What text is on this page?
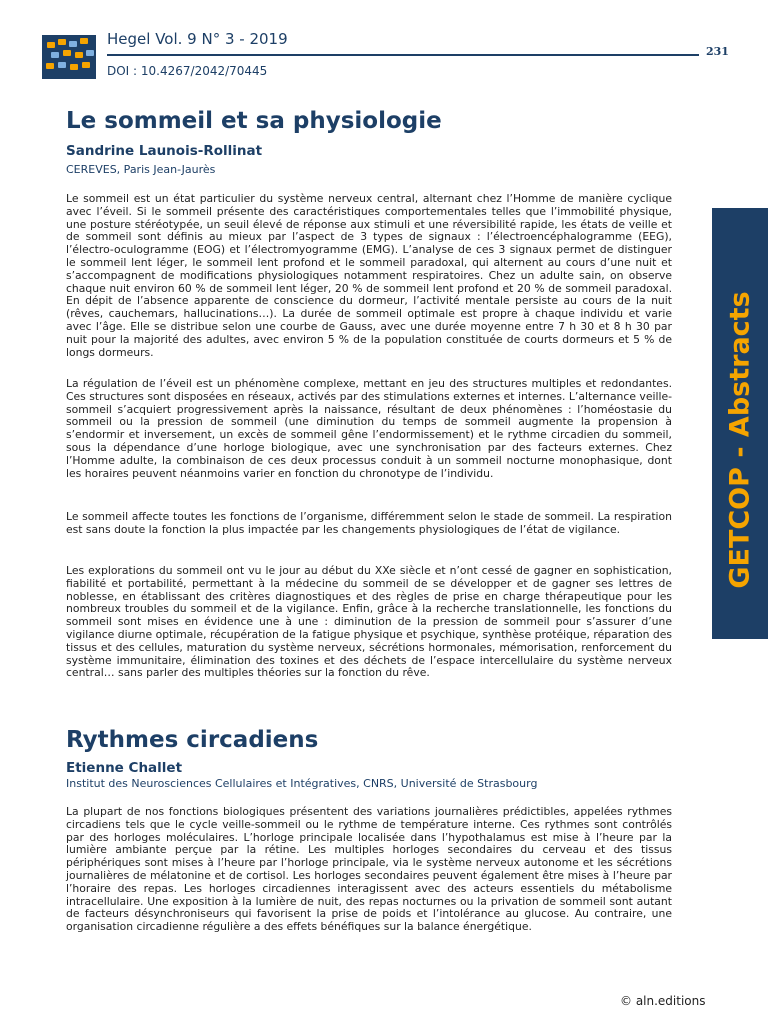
Hegel Vol. 9 N° 3 - 2019
231
DOI : 10.4267/2042/70445
GETCOP - Abstracts
Le sommeil et sa physiologie
Sandrine Launois-Rollinat
CEREVES, Paris Jean-Jaurès

Le sommeil est un état particulier du système nerveux central, alternant chez l’Homme de manière cyclique avec l’éveil. Si le sommeil présente des caractéristiques comportementales telles que l’immobilité physique, une posture stéréotypée, un seuil élevé de réponse aux stimuli et une réversibilité rapide, les états de veille et de sommeil sont définis au mieux par l’aspect de 3 types de signaux : l’électroencéphalogramme (EEG), l’électro-oculogramme (EOG) et l’électromyogramme (EMG). L’analyse de ces 3 signaux permet de distinguer le sommeil lent léger, le sommeil lent profond et le sommeil paradoxal, qui alternent au cours d’une nuit et s’accompagnent de modifications physiologiques notamment respiratoires. Chez un adulte sain, on observe chaque nuit environ 60 % de sommeil lent léger, 20 % de sommeil lent profond et 20 % de sommeil paradoxal. En dépit de l’absence apparente de conscience du dormeur, l’activité mentale persiste au cours de la nuit (rêves, cauchemars, hallucinations…). La durée de sommeil optimale est propre à chaque individu et varie avec l’âge. Elle se distribue selon une courbe de Gauss, avec une durée moyenne entre 7 h 30 et 8 h 30 par nuit pour la majorité des adultes, avec environ 5 % de la population constituée de courts dormeurs et 5 % de longs dormeurs.

La régulation de l’éveil est un phénomène complexe, mettant en jeu des structures multiples et redondantes. Ces structures sont disposées en réseaux, activés par des stimulations externes et internes. L’alternance veille-sommeil s’acquiert progressivement après la naissance, résultant de deux phénomènes : l’homéostasie du sommeil ou la pression de sommeil (une diminution du temps de sommeil augmente la propension à s’endormir et inversement, un excès de sommeil gêne l’endormissement) et le rythme circadien du sommeil, sous la dépendance d’une horloge biologique, avec une synchronisation par des facteurs externes. Chez l’Homme adulte, la combinaison de ces deux processus conduit à un sommeil nocturne monophasique, dont les horaires peuvent néanmoins varier en fonction du chronotype de l’individu.

Le sommeil affecte toutes les fonctions de l’organisme, différemment selon le stade de sommeil. La respiration est sans doute la fonction la plus impactée par les changements physiologiques de l’état de vigilance.

Les explorations du sommeil ont vu le jour au début du XXe siècle et n’ont cessé de gagner en sophistication, fiabilité et portabilité, permettant à la médecine du sommeil de se développer et de gagner ses lettres de noblesse, en établissant des critères diagnostiques et des règles de prise en charge thérapeutique pour les nombreux troubles du sommeil et de la vigilance. Enfin, grâce à la recherche translationnelle, les fonctions du sommeil sont mises en évidence une à une : diminution de la pression de sommeil pour s’assurer d’une vigilance diurne optimale, récupération de la fatigue physique et psychique, synthèse protéique, réparation des tissus et des cellules, maturation du système nerveux, sécrétions hormonales, mémorisation, renforcement du système immunitaire, élimination des toxines et des déchets de l’espace intercellulaire du système nerveux central… sans parler des multiples théories sur la fonction du rêve.

Rythmes circadiens
Etienne Challet
Institut des Neurosciences Cellulaires et Intégratives, CNRS, Université de Strasbourg

La plupart de nos fonctions biologiques présentent des variations journalières prédictibles, appelées rythmes circadiens tels que le cycle veille-sommeil ou le rythme de température interne. Ces rythmes sont contrôlés par des horloges moléculaires. L’horloge principale localisée dans l’hypothalamus est mise à l’heure par la lumière ambiante perçue par la rétine. Les multiples horloges secondaires du cerveau et des tissus périphériques sont mises à l’heure par l’horloge principale, via le système nerveux autonome et les sécrétions journalières de mélatonine et de cortisol. Les horloges secondaires peuvent également être mises à l’heure par l’horaire des repas. Les horloges circadiennes interagissent avec des acteurs essentiels du métabolisme intracellulaire. Une exposition à la lumière de nuit, des repas nocturnes ou la privation de sommeil sont autant de facteurs désynchroniseurs qui favorisent la prise de poids et l’intolérance au glucose. Au contraire, une organisation circadienne régulière a des effets bénéfiques sur la balance énergétique.

© aln.editions
